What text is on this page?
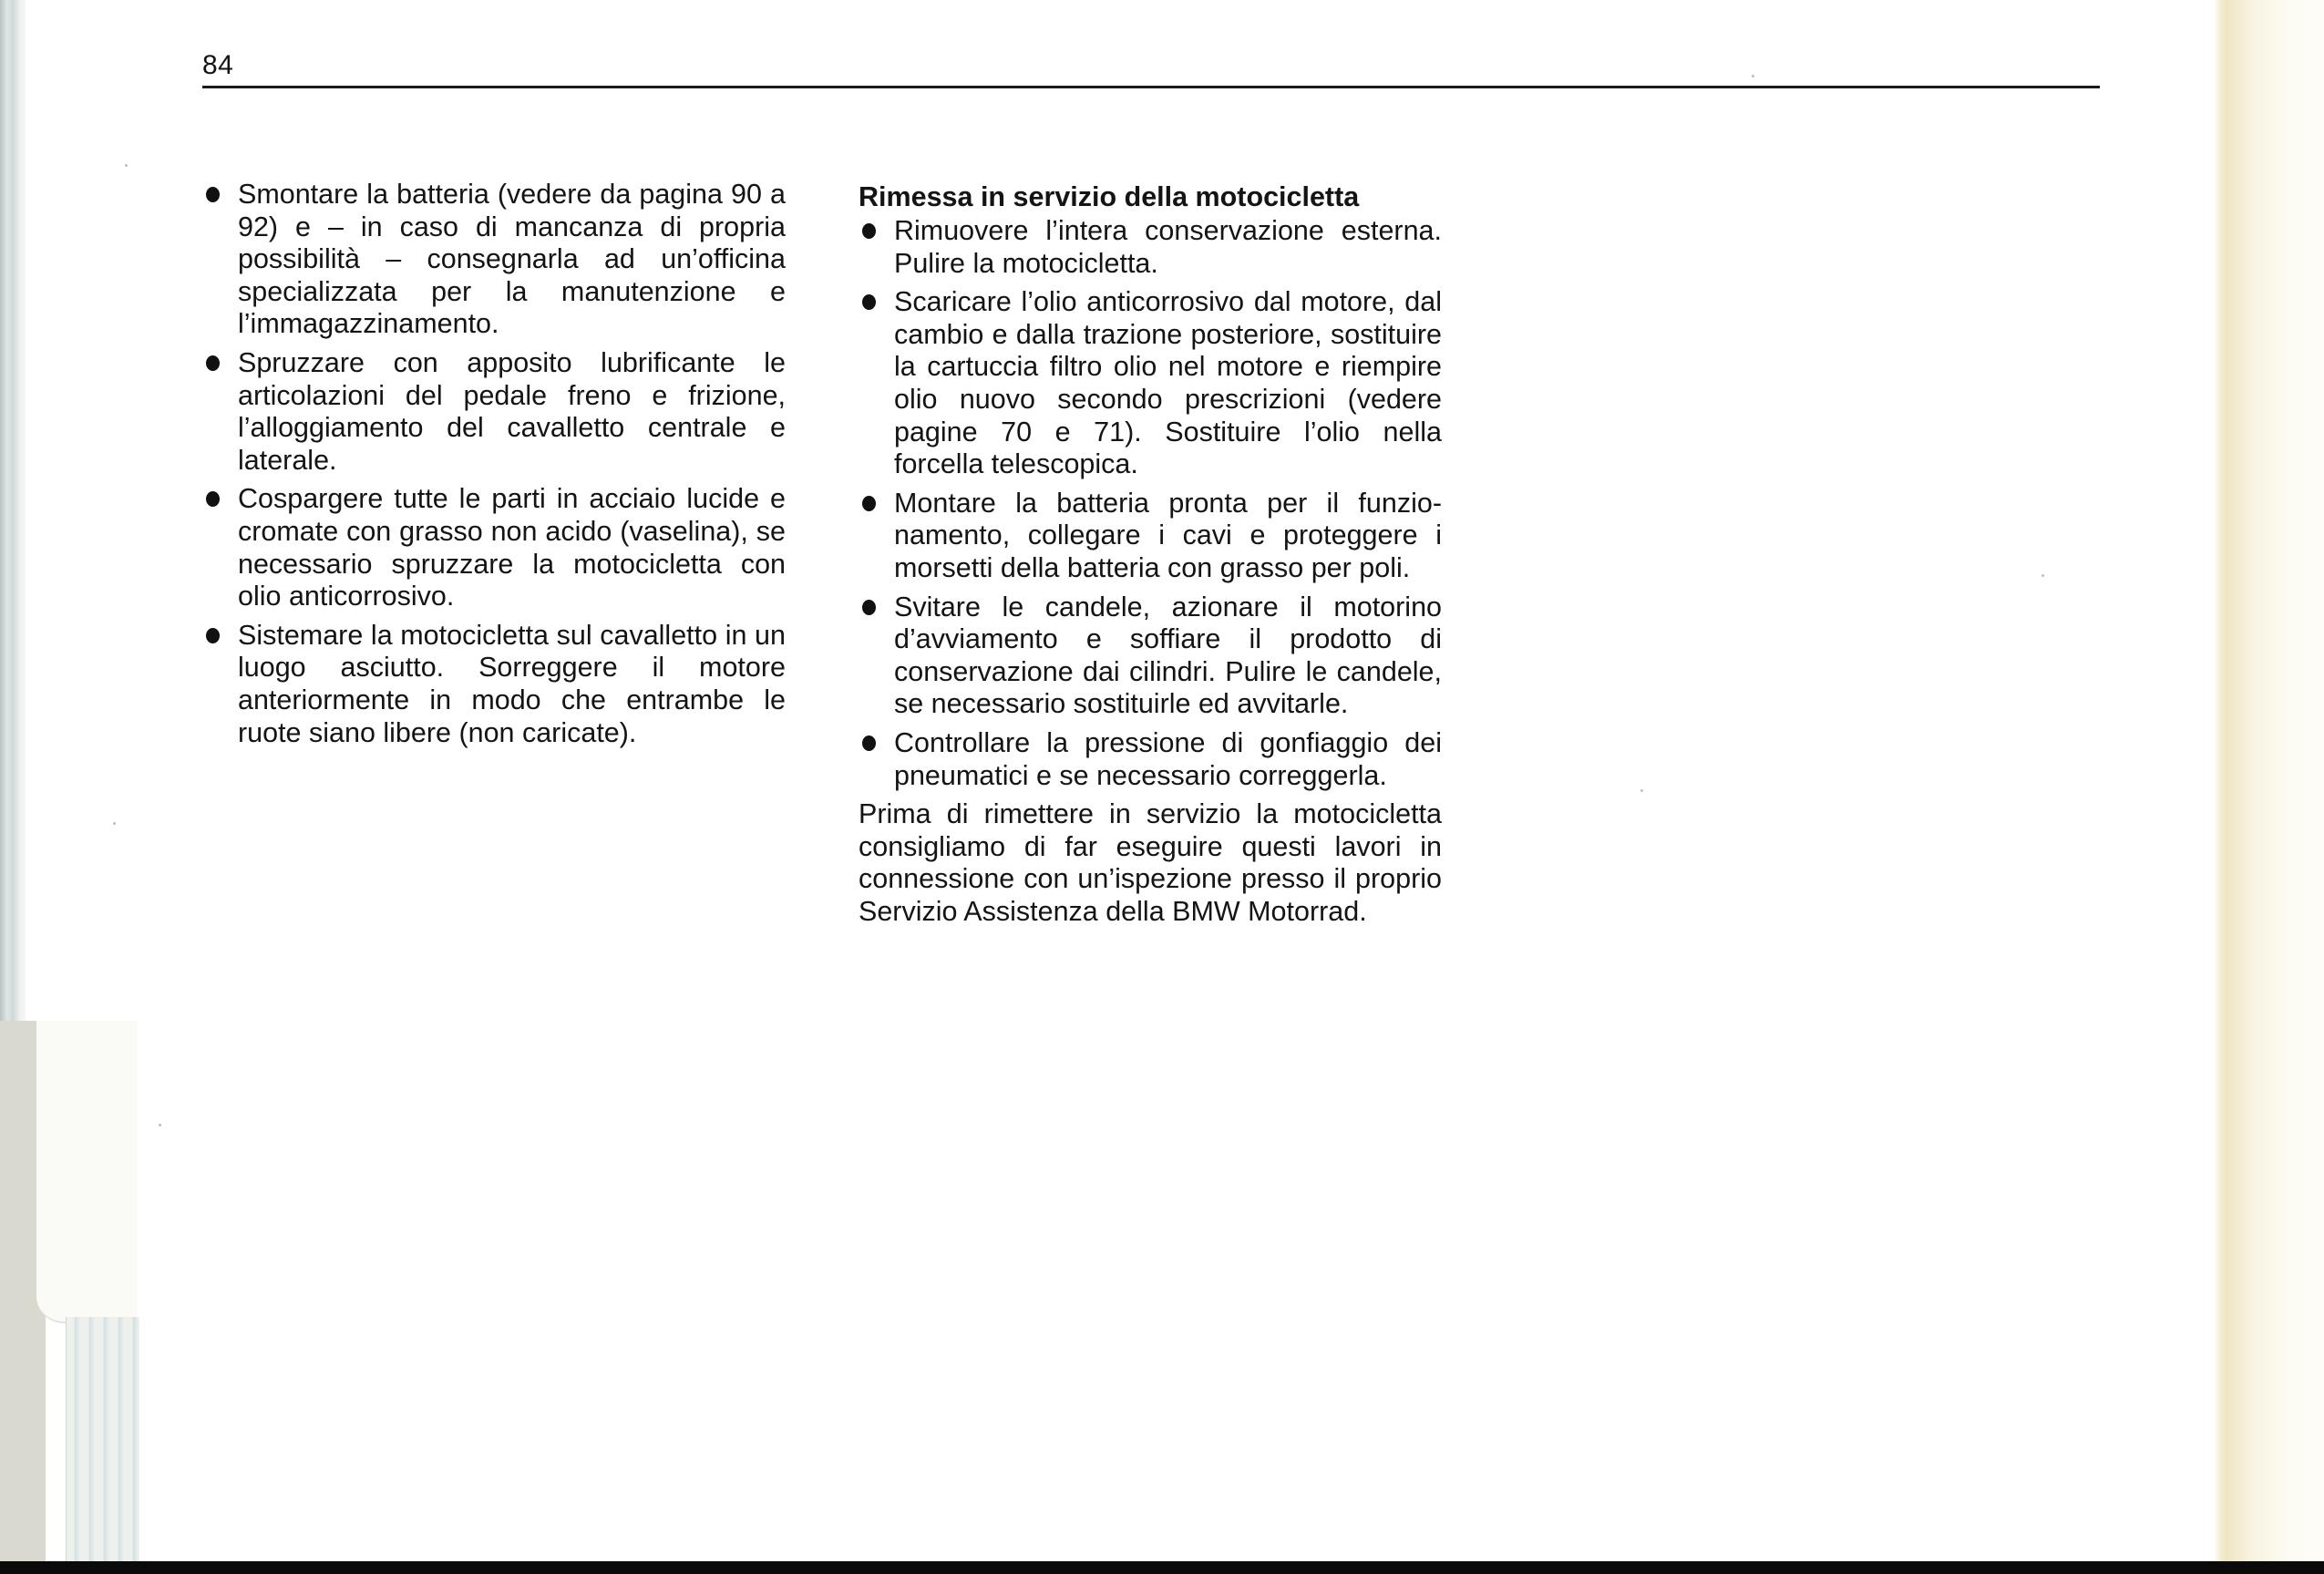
84
Smontare la batteria (vedere da pagina 90 a 92) e – in caso di mancanza di propria possibilità – consegnarla ad un’officina specializzata per la manutenzione e l’immagazzinamento.
Spruzzare con apposito lubrificante le articolazioni del pedale freno e frizione, l’alloggiamento del cavalletto centrale e laterale.
Cospargere tutte le parti in acciaio lucide e cromate con grasso non acido (vaselina), se necessario spruzzare la motocicletta con olio anticorrosivo.
Sistemare la motocicletta sul cavalletto in un luogo asciutto. Sorreggere il motore anteriormente in modo che entrambe le ruote siano libere (non caricate).
Rimessa in servizio della motocicletta
Rimuovere l’intera conservazione esterna. Pulire la motocicletta.
Scaricare l’olio anticorrosivo dal motore, dal cambio e dalla trazione posteriore, sostituire la cartuccia filtro olio nel motore e riempire olio nuovo secondo prescrizioni (vedere pagine 70 e 71). Sostituire l’olio nella forcella telescopica.
Montare la batteria pronta per il funzionamento, collegare i cavi e proteggere i morsetti della batteria con grasso per poli.
Svitare le candele, azionare il motorino d’avviamento e soffiare il prodotto di conservazione dai cilindri. Pulire le candele, se necessario sostituirle ed avvitarle.
Controllare la pressione di gonfiaggio dei pneumatici e se necessario correggerla.
Prima di rimettere in servizio la motocicletta consigliamo di far eseguire questi lavori in connessione con un’ispezione presso il proprio Servizio Assistenza della BMW Motorrad.
